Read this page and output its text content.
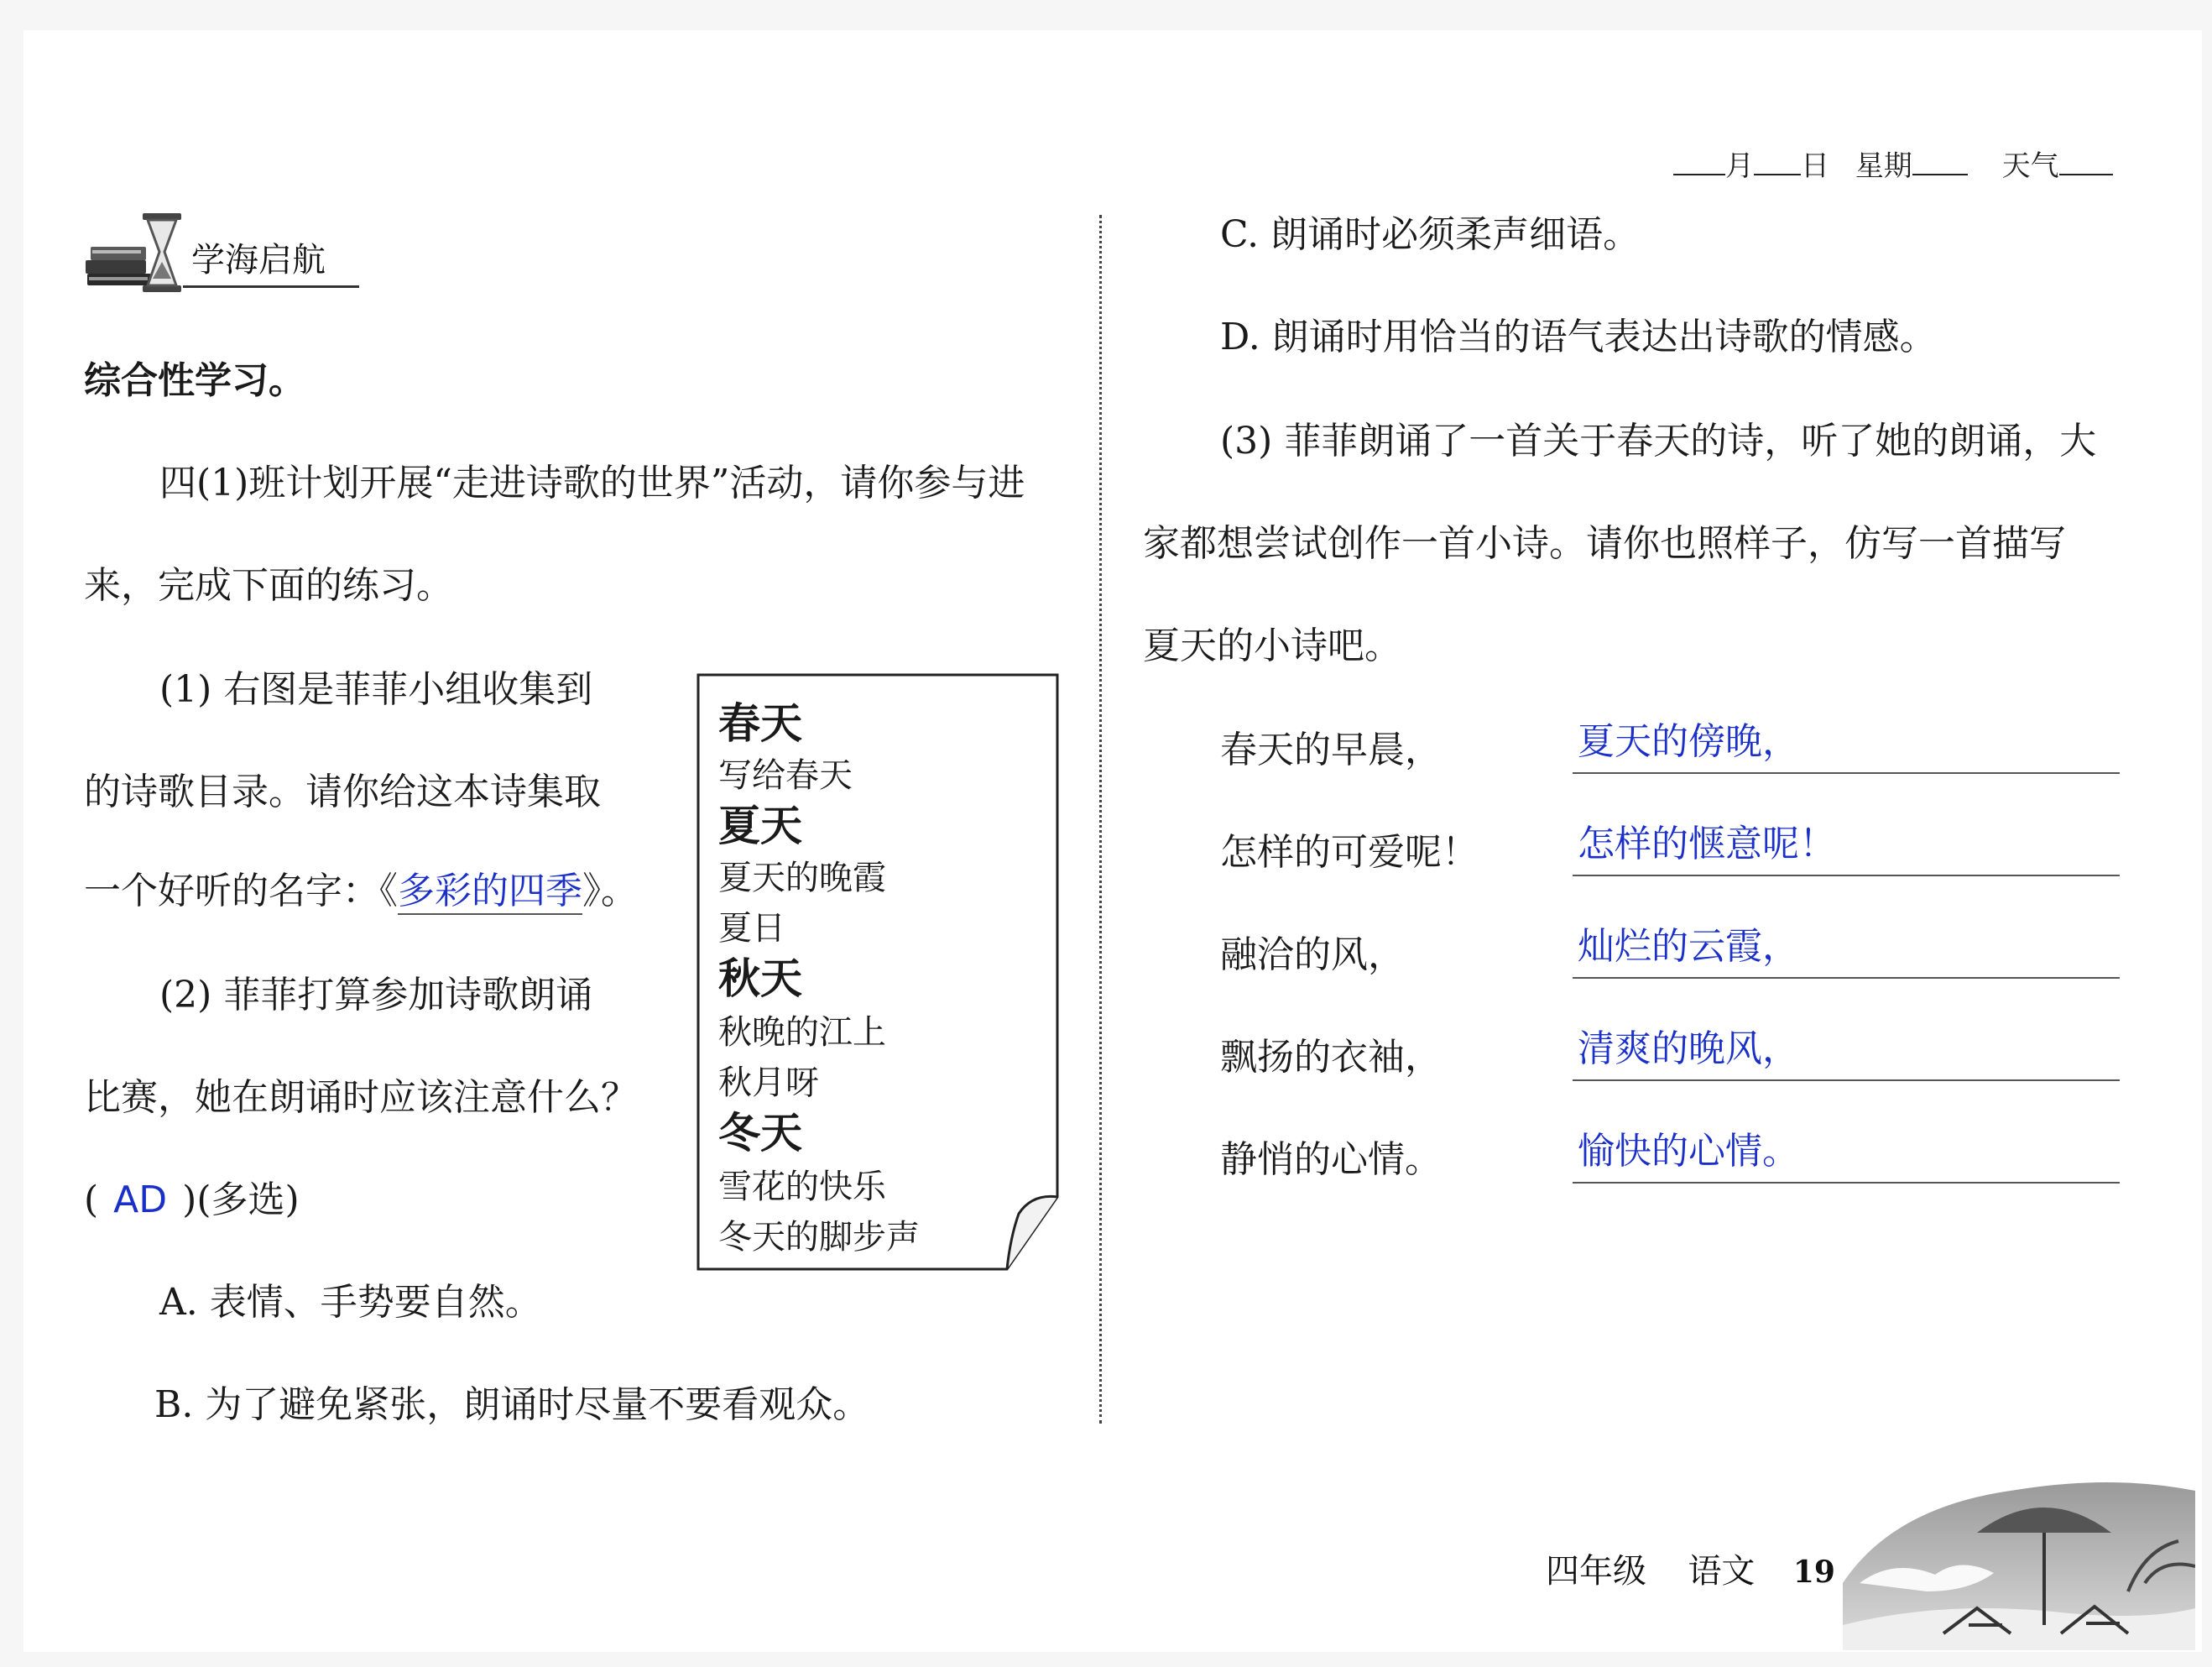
月 日 星期	天气
学海启航
综合性学习。
四(1)班计划开展“走进诗歌的世界”活动，请你参与进
来，完成下面的练习。
(1) 右图是菲菲小组收集到
的诗歌目录。请你给这本诗集取
一个好听的名字：《多彩的四季》。
(2) 菲菲打算参加诗歌朗诵
比赛，她在朗诵时应该注意什么？
( AD )(多选)
A. 表情、手势要自然。
B. 为了避免紧张，朗诵时尽量不要看观众。
春天
写给春天
夏天
夏天的晚霞
夏日
秋天
秋晚的江上
秋月呀
冬天
雪花的快乐
冬天的脚步声
C. 朗诵时必须柔声细语。
D. 朗诵时用恰当的语气表达出诗歌的情感。
(3) 菲菲朗诵了一首关于春天的诗，听了她的朗诵，大
家都想尝试创作一首小诗。请你也照样子，仿写一首描写
夏天的小诗吧。
春天的早晨，
怎样的可爱呢！
融洽的风，
飘扬的衣袖，
静悄的心情。
夏天的傍晚，
怎样的惬意呢！
灿烂的云霞，
清爽的晚风，
愉快的心情。
四年级 语文 19
